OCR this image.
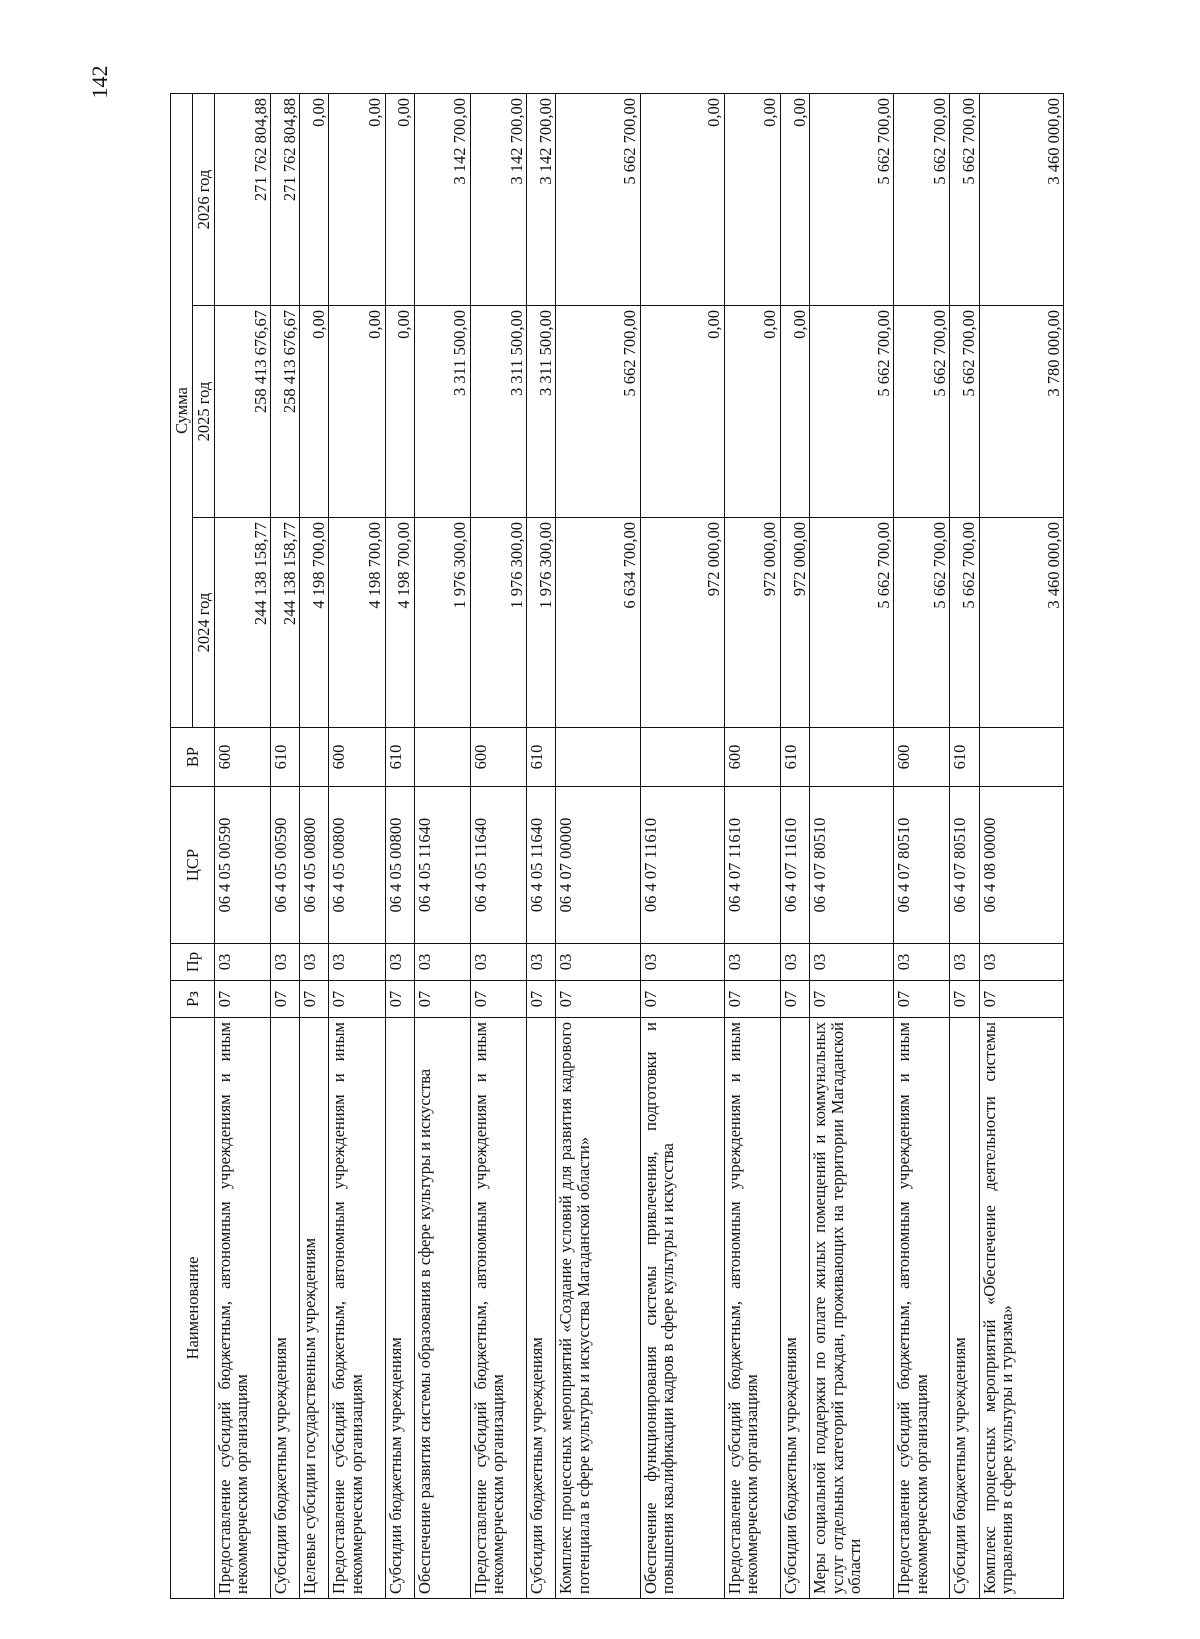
142
Наименование	Рз	Пр	ЦСР	ВР	Сумма		
					2024 год	2025 год	2026 год
Предоставление субсидий бюджетным, автономным учреждениям и иным некоммерческим организациям	07	03	06 4 05 00590	600	244 138 158,77	258 413 676,67	271 762 804,88
Субсидии бюджетным учреждениям	07	03	06 4 05 00590	610	244 138 158,77	258 413 676,67	271 762 804,88
Целевые субсидии государственным учреждениям	07	03	06 4 05 00800		4 198 700,00	0,00	0,00
Предоставление субсидий бюджетным, автономным учреждениям и иным некоммерческим организациям	07	03	06 4 05 00800	600	4 198 700,00	0,00	0,00
Субсидии бюджетным учреждениям	07	03	06 4 05 00800	610	4 198 700,00	0,00	0,00
Обеспечение развития системы образования в сфере культуры и искусства	07	03	06 4 05 11640		1 976 300,00	3 311 500,00	3 142 700,00
Предоставление субсидий бюджетным, автономным учреждениям и иным некоммерческим организациям	07	03	06 4 05 11640	600	1 976 300,00	3 311 500,00	3 142 700,00
Субсидии бюджетным учреждениям	07	03	06 4 05 11640	610	1 976 300,00	3 311 500,00	3 142 700,00
Комплекс процессных мероприятий «Создание условий для развития кадрового потенциала в сфере культуры и искусства Магаданской области»	07	03	06 4 07 00000		6 634 700,00	5 662 700,00	5 662 700,00
Обеспечение функционирования системы привлечения, подготовки и повышения квалификации кадров в сфере культуры и искусства	07	03	06 4 07 11610		972 000,00	0,00	0,00
Предоставление субсидий бюджетным, автономным учреждениям и иным некоммерческим организациям	07	03	06 4 07 11610	600	972 000,00	0,00	0,00
Субсидии бюджетным учреждениям	07	03	06 4 07 11610	610	972 000,00	0,00	0,00
Меры социальной поддержки по оплате жилых помещений и коммунальных услуг отдельных категорий граждан, проживающих на территории Магаданской области	07	03	06 4 07 80510		5 662 700,00	5 662 700,00	5 662 700,00
Предоставление субсидий бюджетным, автономным учреждениям и иным некоммерческим организациям	07	03	06 4 07 80510	600	5 662 700,00	5 662 700,00	5 662 700,00
Субсидии бюджетным учреждениям	07	03	06 4 07 80510	610	5 662 700,00	5 662 700,00	5 662 700,00
Комплекс процессных мероприятий «Обеспечение деятельности системы управления в сфере культуры и туризма»	07	03	06 4 08 00000		3 460 000,00	3 780 000,00	3 460 000,00
